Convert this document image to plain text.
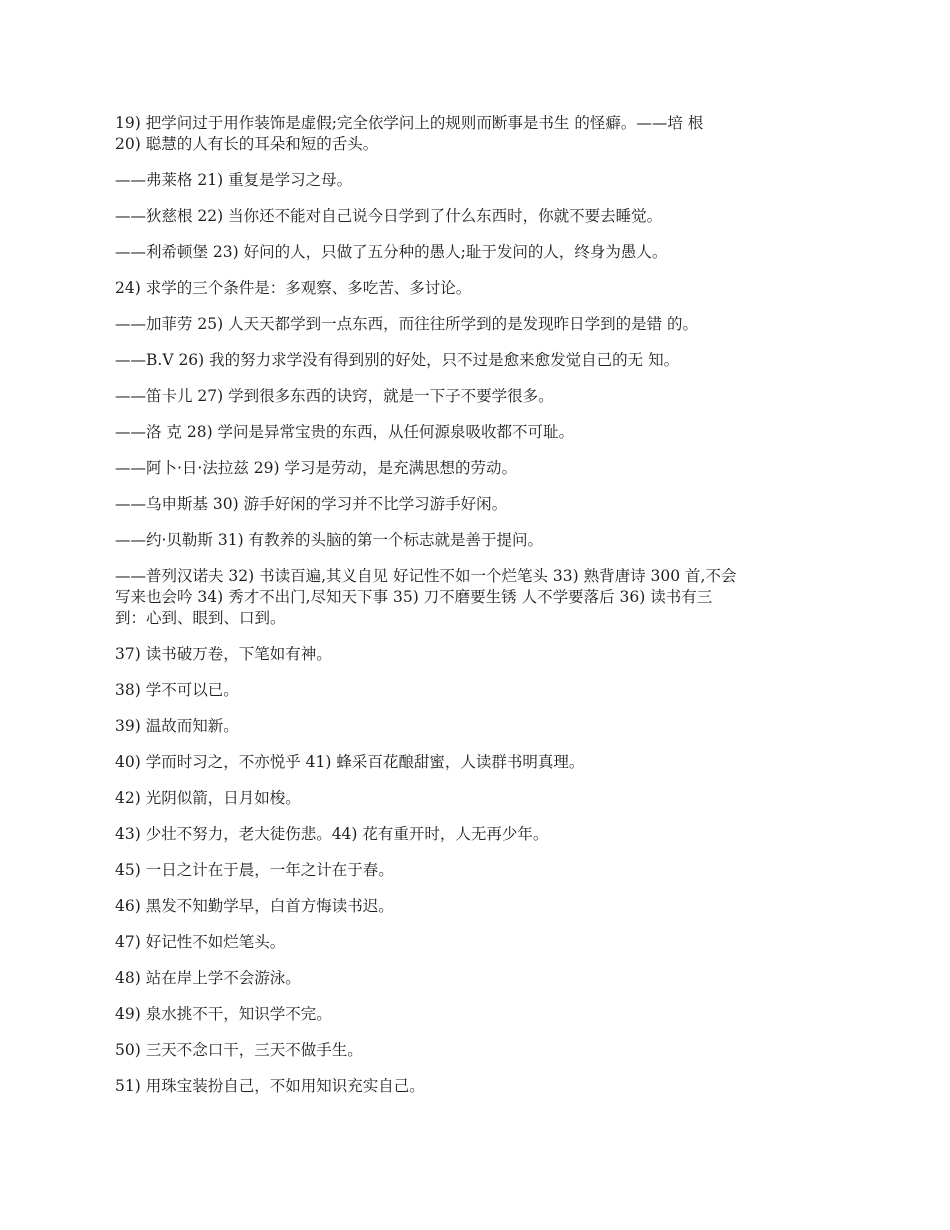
19) 把学问过于用作装饰是虚假;完全依学问上的规则而断事是书生 的怪癖。——培 根

20) 聪慧的人有长的耳朵和短的舌头。

——弗莱格 21) 重复是学习之母。

——狄慈根 22) 当你还不能对自己说今日学到了什么东西时，你就不要去睡觉。

——利希顿堡 23) 好问的人，只做了五分种的愚人;耻于发问的人，终身为愚人。

24) 求学的三个条件是：多观察、多吃苦、多讨论。

——加菲劳 25) 人天天都学到一点东西，而往往所学到的是发现昨日学到的是错 的。

——B.V 26) 我的努力求学没有得到别的好处，只不过是愈来愈发觉自己的无 知。

——笛卡儿 27) 学到很多东西的诀窍，就是一下子不要学很多。

——洛 克 28) 学问是异常宝贵的东西，从任何源泉吸收都不可耻。

——阿卜·日·法拉兹 29) 学习是劳动，是充满思想的劳动。

——乌申斯基 30) 游手好闲的学习并不比学习游手好闲。

——约·贝勒斯 31) 有教养的头脑的第一个标志就是善于提问。

——普列汉诺夫 32) 书读百遍,其义自见 好记性不如一个烂笔头 33) 熟背唐诗 300 首,不会

写来也会吟 34) 秀才不出门,尽知天下事 35) 刀不磨要生锈 人不学要落后 36) 读书有三

到：心到、眼到、口到。

37) 读书破万卷，下笔如有神。

38) 学不可以已。

39) 温故而知新。

40) 学而时习之，不亦悦乎 41) 蜂采百花酿甜蜜，人读群书明真理。

42) 光阴似箭，日月如梭。

43) 少壮不努力，老大徒伤悲。44) 花有重开时，人无再少年。

45) 一日之计在于晨，一年之计在于春。

46) 黑发不知勤学早，白首方悔读书迟。

47) 好记性不如烂笔头。

48) 站在岸上学不会游泳。

49) 泉水挑不干，知识学不完。

50) 三天不念口干，三天不做手生。

51) 用珠宝装扮自己，不如用知识充实自己。
